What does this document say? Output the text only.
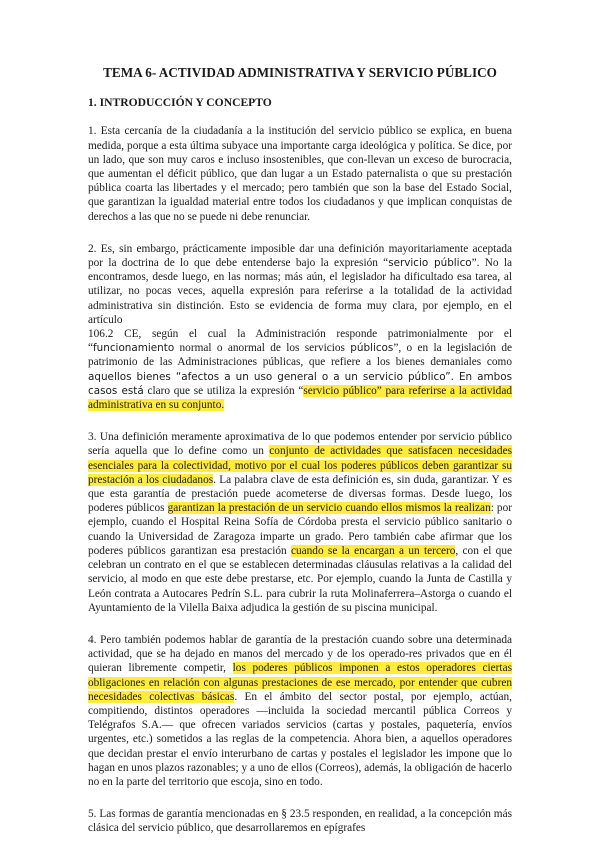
TEMA 6- ACTIVIDAD ADMINISTRATIVA Y SERVICIO PÚBLICO
1. INTRODUCCIÓN Y CONCEPTO

1. Esta cercanía de la ciudadanía a la institución del servicio público se explica, en buena medida, porque a esta última subyace una importante carga ideológica y política. Se dice, por un lado, que son muy caros e incluso insostenibles, que con-llevan un exceso de burocracia, que aumentan el déficit público, que dan lugar a un Estado paternalista o que su prestación pública coarta las libertades y el mercado; pero también que son la base del Estado Social, que garantizan la igualdad material entre todos los ciudadanos y que implican conquistas de derechos a las que no se puede ni debe renunciar.

2. Es, sin embargo, prácticamente imposible dar una definición mayoritariamente aceptada por la doctrina de lo que debe entenderse bajo la expresión “servicio público”. No la encontramos, desde luego, en las normas; más aún, el legislador ha dificultado esa tarea, al utilizar, no pocas veces, aquella expresión para referirse a la totalidad de la actividad administrativa sin distinción. Esto se evidencia de forma muy clara, por ejemplo, en el artículo
106.2 CE, según el cual la Administración responde patrimonialmente por el “funcionamiento normal o anormal de los servicios públicos”, o en la legislación de patrimonio de las Administraciones públicas, que refiere a los bienes demaniales como aquellos bienes “afectos a un uso general o a un servicio público”. En ambos casos está claro que se utiliza la expresión “servicio público” para referirse a la actividad administrativa en su conjunto.

3. Una definición meramente aproximativa de lo que podemos entender por servicio público sería aquella que lo define como un conjunto de actividades que satisfacen necesidades esenciales para la colectividad, motivo por el cual los poderes públicos deben garantizar su prestación a los ciudadanos. La palabra clave de esta definición es, sin duda, garantizar. Y es que esta garantía de prestación puede acometerse de diversas formas. Desde luego, los poderes públicos garantizan la prestación de un servicio cuando ellos mismos la realizan: por ejemplo, cuando el Hospital Reina Sofía de Córdoba presta el servicio público sanitario o cuando la Universidad de Zaragoza imparte un grado. Pero también cabe afirmar que los poderes públicos garantizan esa prestación cuando se la encargan a un tercero, con el que celebran un contrato en el que se establecen determinadas cláusulas relativas a la calidad del servicio, al modo en que este debe prestarse, etc. Por ejemplo, cuando la Junta de Castilla y León contrata a Autocares Pedrín S.L. para cubrir la ruta Molinaferrera–Astorga o cuando el Ayuntamiento de la Vilella Baixa adjudica la gestión de su piscina municipal.

4. Pero también podemos hablar de garantía de la prestación cuando sobre una determinada actividad, que se ha dejado en manos del mercado y de los operado-res privados que en él quieran libremente competir, los poderes públicos imponen a estos operadores ciertas obligaciones en relación con algunas prestaciones de ese mercado, por entender que cubren necesidades colectivas básicas. En el ámbito del sector postal, por ejemplo, actúan, compitiendo, distintos operadores —incluida la sociedad mercantil pública Correos y Telégrafos S.A.— que ofrecen variados servicios (cartas y postales, paquetería, envíos urgentes, etc.) sometidos a las reglas de la competencia. Ahora bien, a aquellos operadores que decidan prestar el envío interurbano de cartas y postales el legislador les impone que lo hagan en unos plazos razonables; y a uno de ellos (Correos), además, la obligación de hacerlo no en la parte del territorio que escoja, sino en todo.

5. Las formas de garantía mencionadas en § 23.5 responden, en realidad, a la concepción más clásica del servicio público, que desarrollaremos en epígrafes
